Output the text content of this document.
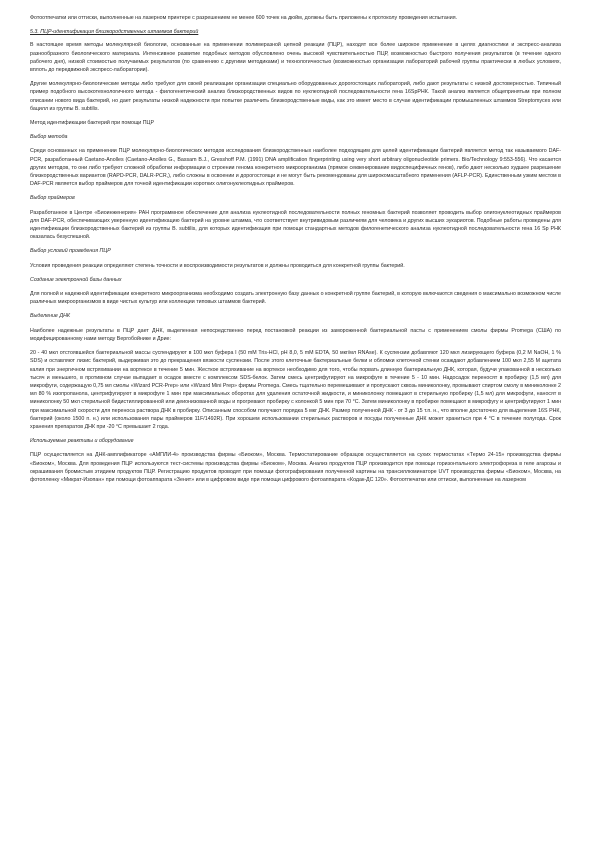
Фотоотпечатки или оттиски, выполненные на лазерном принтере с разрешением не менее 600 точек на дюйм, должны быть приложены к протоколу проведения испытания.

5.3. ПЦР-идентификация близкородственных штаммов бактерий

В настоящее время методы молекулярной биологии, основанные на применении полимеразной цепной реакции (ПЦР), находят все более широкое применение в целях диагностики и экспресс-анализа разнообразного биологического материала. Интенсивное развитие подобных методов обусловлено очень высокой чувствительностью ПЦР, возможностью быстрого получения результатов (в течение одного рабочего дня), низкой стоимостью получаемых результатов (по сравнению с другими методиками) и технологичностью (возможностью организации лабораторий рабочей группы практически в любых условиях, вплоть до передвижной экспресс-лаборатории).

Другие молекулярно-биологические методы либо требуют для своей реализации организации специально оборудованных дорогостоящих лабораторий, либо дают результаты с низкой достоверностью. Типичный пример подобного высокотехнологичного метода - филогенетический анализ близкородственных видов по нуклеотидной последовательности гена 16SрРНК. Такой анализ является общепринятым при полном описании нового вида бактерий, но дает результаты низкой надежности при попытке различить близкородственные виды, как это имеет место в случае идентификации промышленных штаммов Streptomyces или бацилл из группы B. subtilis.

Метод идентификации бактерий при помощи ПЦР

Выбор метода

Среди основанных на применении ПЦР молекулярно-биологических методов исследования близкородственных наиболее подходящим для целей идентификации бактерий является метод так называемого DAF-PCR, разработанный Caetano-Anolles (Caetano-Anolles G., Bassam B.J., Gresshoff P.M. (1991) DNA amplification fingerprinting using very short arbitrary oligonucleotide primers. Bio/Technology 9:553-556). Что касается других методов, то они либо требуют сложной обработки информации о строении генома конкретного микроорганизма (прямое секвенирование видоспецифичных генов), либо дают несколько худшее разрешение близкородственных вариантов (RAPD-PCR, DALR-PCR,), либо сложны в освоении и дорогостоящи и не могут быть рекомендованы для широкомасштабного применения (AFLP-PCR). Единственным узким местом в DAF-PCR является выбор праймеров для точной идентификации коротких олигонуклеотидных праймеров.

Выбор праймеров

Разработанное в Центре «Биоинженерия» РАН программное обеспечение для анализа нуклеотидной последовательности полных геномных бактерий позволяет проводить выбор олигонуклеотидных праймеров для DAF-PCR, обеспечивающих уверенную идентификацию бактерий на уровне штамма, что соответствует внутривидовым различиям для человека и других высших эукариотов. Подобные работы проведены для идентификации близкородственных бактерий из группы B. subtilis, для которых идентификация при помощи стандартных методов филогенетического анализа нуклеотидной последовательности гена 16 Sp РНК оказалась безуспешной.

Выбор условий проведения ПЦР

Условия проведения реакции определяют степень точности и воспроизводимости результатов и должны проводиться для конкретной группы бактерий.

Создание электронной базы данных

Для полной и надежной идентификации конкретного микроорганизма необходимо создать электронную базу данных о конкретной группе бактерий, в которую включаются сведения о максимально возможном числе различных микроорганизмов в виде чистых культур или коллекции типовых штаммов бактерий.

Выделение ДНК

Наиболее надежные результаты в ПЦР дает ДНК, выделенная непосредственно перед постановкой реакции из замороженной бактериальной пасты с применением смолы фирмы Promega (США) по модифицированному нами методу Вергобойнике и Дрие:

20 - 40 мкл отстоявшейся бактериальной массы суспендируют в 100 мкл буфера I (50 mM Tris-HCl, pH 8,0, 5 mM EDTA, 50 мкг/мл RNAse). К суспензии добавляют 120 мкл лизирующего буфера (0,2 M NaOH, 1 % SDS) и оставляют лизис бактерий, выдерживая это до прекращения вязкости суспензии. После этого клеточные бактериальные белки и обломки клеточной стенки осаждают добавлением 100 мкл 2,55 M ацетата калия при энергичном встряхивании на вортексе в течение 5 мин. Жесткое встряхивание на вортексе необходимо для того, чтобы порвать длинную бактериальную ДНК, которая, будучи упакованной в несколько тысяч и меньшего, в противном случае выпадает в осадок вместе с комплексом SDS-белок. Затем смесь центрифугируют на микрофуге в течение 5 - 10 мин. Надосадок переносят в пробирку (1,5 мл) для микрофуги, содержащую 0,75 мл смолы «Wizard PCR-Prep» или «Wizard Mini Prep» фирмы Promega. Смесь тщательно перемешивают и пропускают сквозь миниколонку, промывают спиртом смолу в миниколонке 2 мл 80 % изопропанола, центрифугируют в микрофуге 1 мин при максимальных оборотах для удаления остаточной жидкости, и миниколонку помещают в стерильную пробирку (1,5 мл) для микрофуги, наносят в миниколонку 50 мкл стерильной бидистиллированной или деионизованной воды и прогревают пробирку с колонкой 5 мин при 70 °C. Затем миниколонку в пробирке помещают в микрофугу и центрифугируют 1 мин при максимальной скорости для переноса раствора ДНК в пробирку. Описанным способом получают порядка 5 мкг ДНК. Размер полученной ДНК - от 3 до 15 т.п. н., что вполне достаточно для выделения 16S РНК, бактерий (около 1500 п. н.) или использования пары праймеров 11F/1492R). При хорошем использовании стерильных растворов и посуды полученные ДНК может храниться при 4 °C в течение полугода. Срок хранения препаратов ДНК при -20 °C превышает 2 года.

Используемые реактивы и оборудование

ПЦР осуществляется на ДНК-амплификаторе «АМПЛИ-4» производства фирмы «Биоком», Москва. Термостатирование образцов осуществляется на сухих термостатах «Термо 24-15» производства фирмы «Биоком», Москва. Для проведения ПЦР используются тест-системы производства фирмы «Биоком», Москва. Анализ продуктов ПЦР производится при помощи горизонтального электрофореза в геле агарозы и окрашивания бромистым этидием продуктов ПЦР. Регистрацию продуктов проводят при помощи фотографирования полученной картины на трансиллюминаторе UVT производства фирмы «Биоком», Москва, на фотопленку «Микрат-Изопан» при помощи фотоаппарата «Зенит» или в цифровом виде при помощи цифрового фотоаппарата «Кодак-ДС 120». Фотоотпечатки или оттиски, выполненные на лазерном
